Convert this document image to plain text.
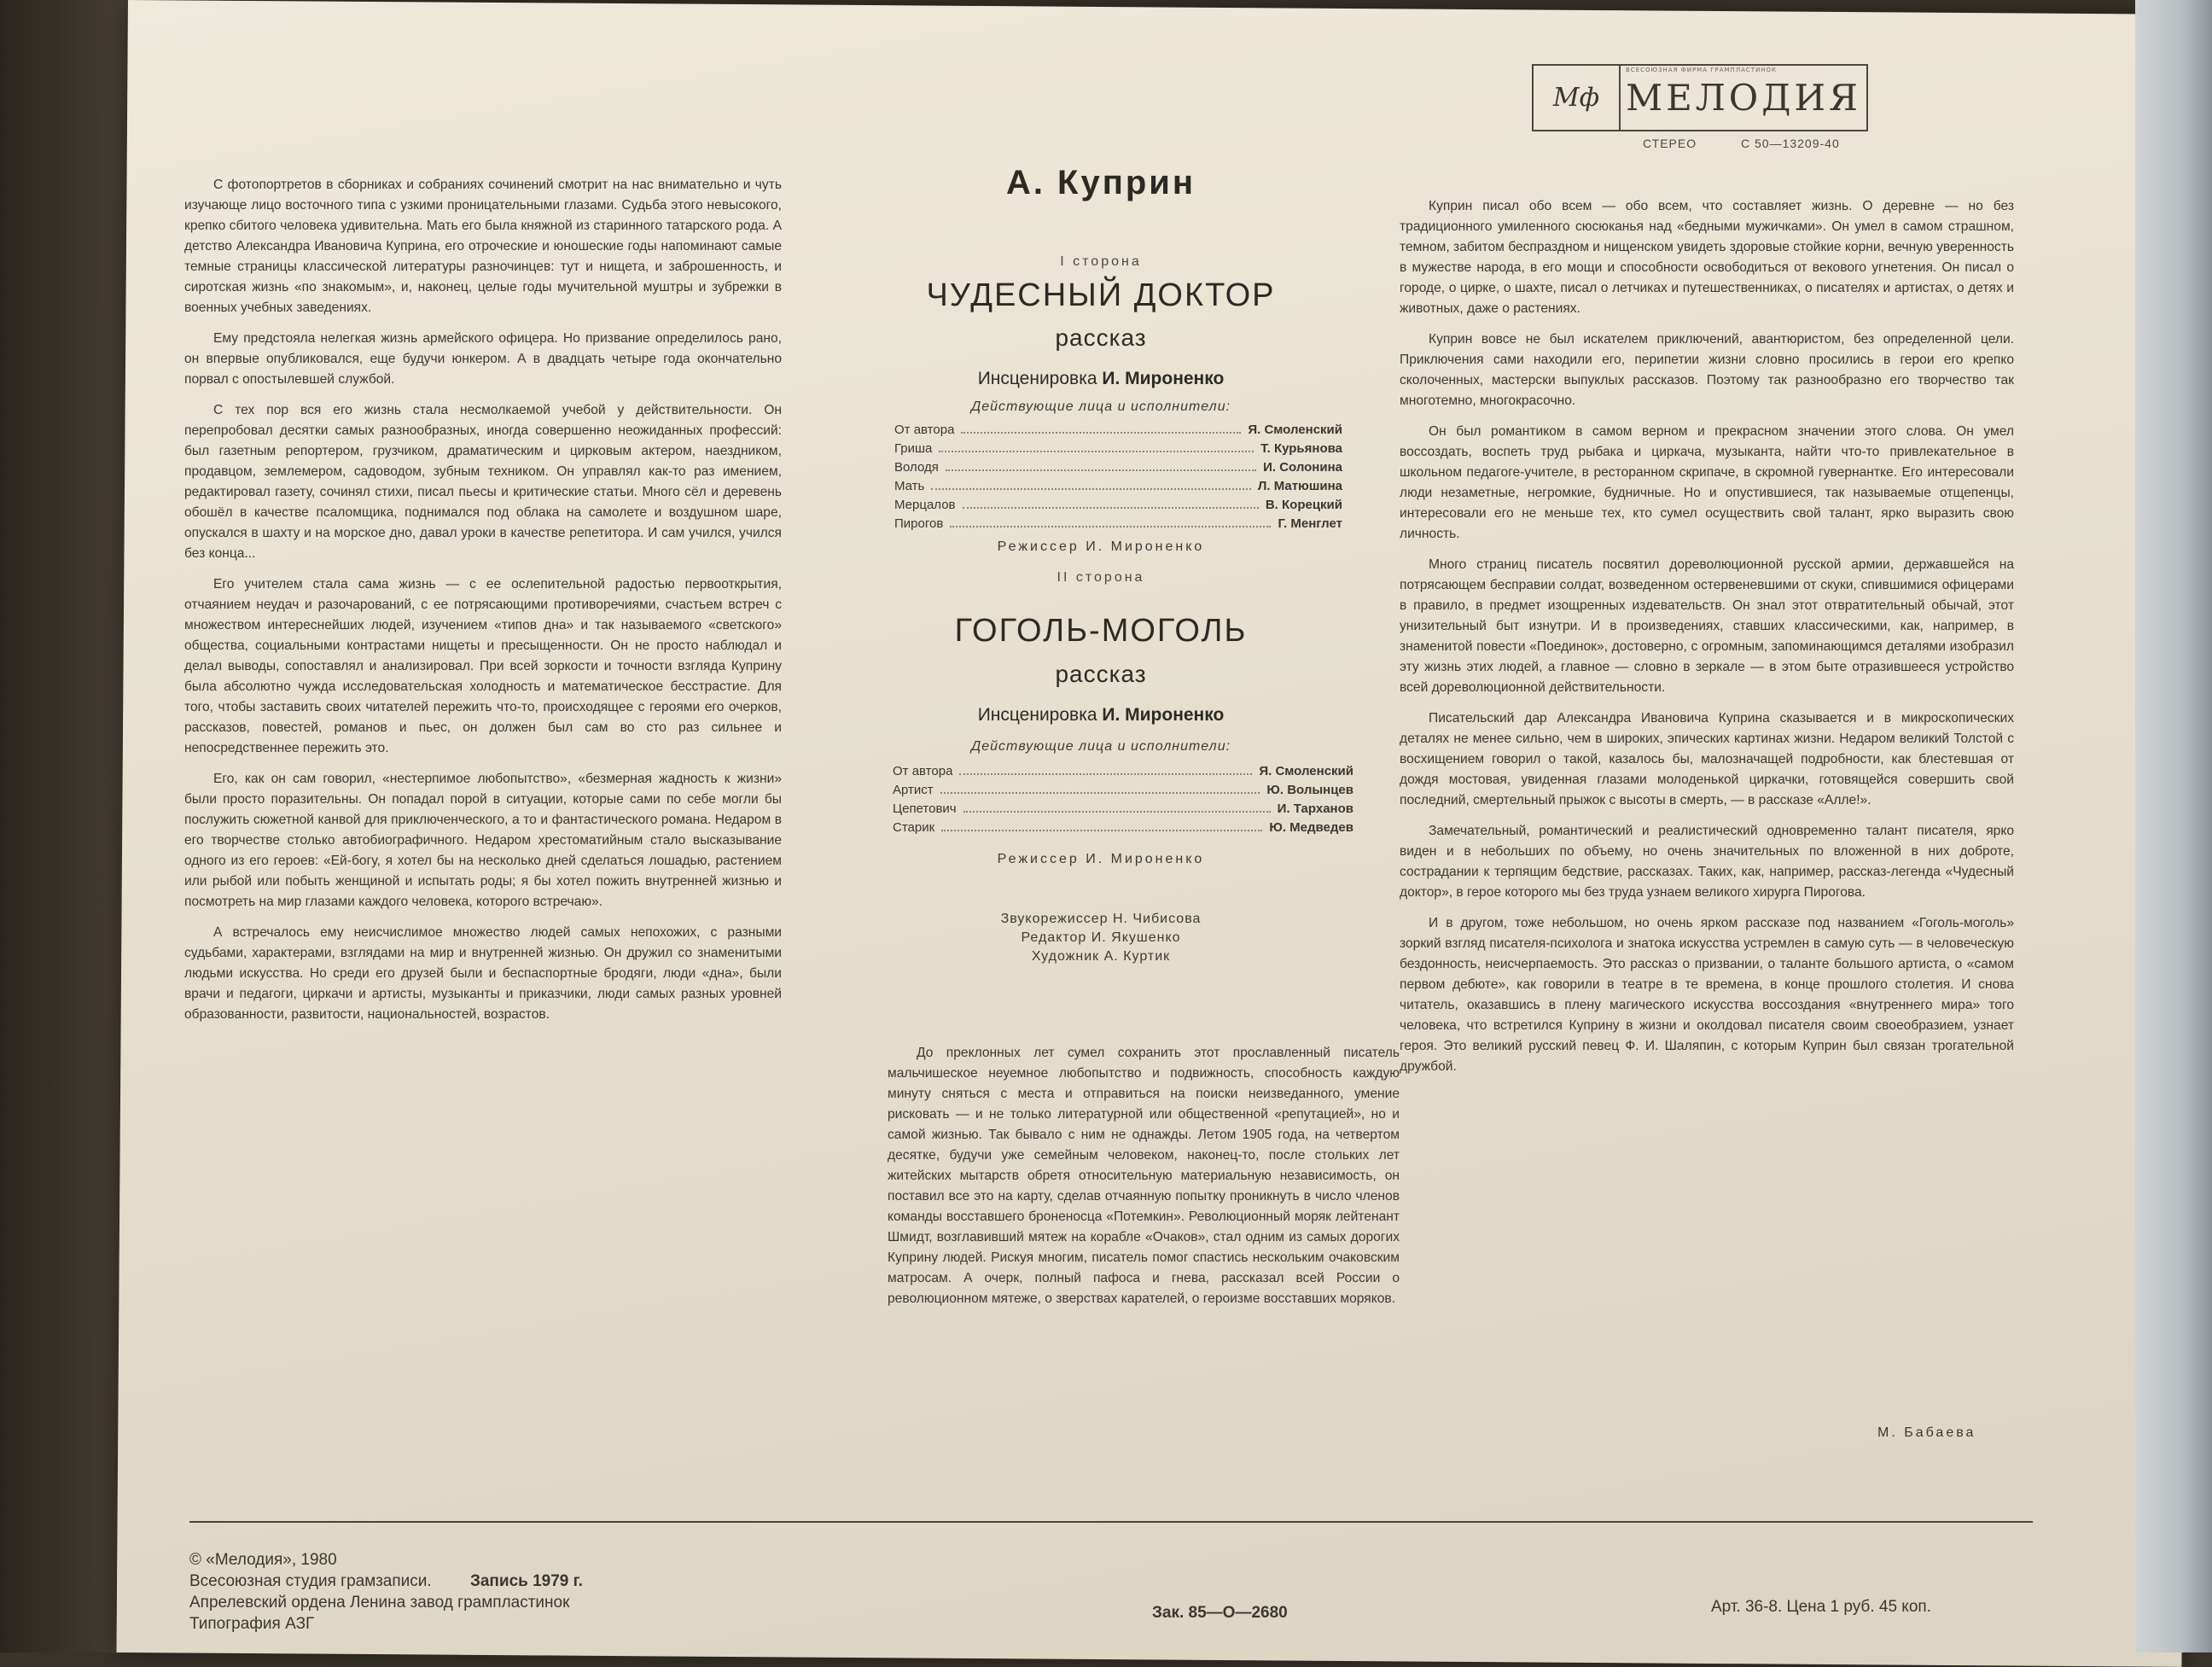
Мф МЕЛОДИЯ
ВСЕСОЮЗНАЯ ФИРМА ГРАМПЛАСТИНОК
СТЕРЕО	С 50—13209-40
А. Куприн
I сторона
ЧУДЕСНЫЙ ДОКТОР
рассказ
Инсценировка И. Мироненко
Действующие лица и исполнители:
От автора	Я. Смоленский
Гриша	Т. Курьянова
Володя	И. Солонина
Мать	Л. Матюшина
Мерцалов	В. Корецкий
Пирогов	Г. Менглет
Режиссер И. Мироненко
II сторона
ГОГОЛЬ-МОГОЛЬ
рассказ
Инсценировка И. Мироненко
Действующие лица и исполнители:
От автора	Я. Смоленский
Артист	Ю. Волынцев
Цепетович	И. Тарханов
Старик	Ю. Медведев
Режиссер И. Мироненко
Звукорежиссер Н. Чибисова
Редактор И. Якушенко
Художник А. Куртик

С фотопортретов в сборниках и собраниях сочинений смотрит на нас внимательно и чуть изучающе лицо восточного типа с узкими проницательными глазами. Судьба этого невысокого, крепко сбитого человека удивительна. Мать его была княжной из старинного татарского рода. А детство Александра Ивановича Куприна, его отроческие и юношеские годы напоминают самые темные страницы классической литературы разночинцев: тут и нищета, и заброшенность, и сиротская жизнь «по знакомым», и, наконец, целые годы мучительной муштры и зубрежки в военных учебных заведениях.

Ему предстояла нелегкая жизнь армейского офицера. Но призвание определилось рано, он впервые опубликовался, еще будучи юнкером. А в двадцать четыре года окончательно порвал с опостылевшей службой.

С тех пор вся его жизнь стала несмолкаемой учебой у действительности. Он перепробовал десятки самых разнообразных, иногда совершенно неожиданных профессий: был газетным репортером, грузчиком, драматическим и цирковым актером, наездником, продавцом, землемером, садоводом, зубным техником. Он управлял как-то раз имением, редактировал газету, сочинял стихи, писал пьесы и критические статьи. Много сёл и деревень обошёл в качестве псаломщика, поднимался под облака на самолете и воздушном шаре, опускался в шахту и на морское дно, давал уроки в качестве репетитора. И сам учился, учился без конца...

Его учителем стала сама жизнь — с ее ослепительной радостью первооткрытия, отчаянием неудач и разочарований, с ее потрясающими противоречиями, счастьем встреч с множеством интереснейших людей, изучением «типов дна» и так называемого «светского» общества, социальными контрастами нищеты и пресыщенности. Он не просто наблюдал и делал выводы, сопоставлял и анализировал. При всей зоркости и точности взгляда Куприну была абсолютно чужда исследовательская холодность и математическое бесстрастие. Для того, чтобы заставить своих читателей пережить что-то, происходящее с героями его очерков, рассказов, повестей, романов и пьес, он должен был сам во сто раз сильнее и непосредственнее пережить это.

Его, как он сам говорил, «нестерпимое любопытство», «безмерная жадность к жизни» были просто поразительны. Он попадал порой в ситуации, которые сами по себе могли бы послужить сюжетной канвой для приключенческого, а то и фантастического романа. Недаром в его творчестве столько автобиографичного. Недаром хрестоматийным стало высказывание одного из его героев: «Ей-богу, я хотел бы на несколько дней сделаться лошадью, растением или рыбой или побыть женщиной и испытать роды; я бы хотел пожить внутренней жизнью и посмотреть на мир глазами каждого человека, которого встречаю».

А встречалось ему неисчислимое множество людей самых непохожих, с разными судьбами, характерами, взглядами на мир и внутренней жизнью. Он дружил со знаменитыми людьми искусства. Но среди его друзей были и беспаспортные бродяги, люди «дна», были врачи и педагоги, циркачи и артисты, музыканты и приказчики, люди самых разных уровней образованности, развитости, национальностей, возрастов.

До преклонных лет сумел сохранить этот прославленный писатель мальчишеское неуемное любопытство и подвижность, способность каждую минуту сняться с места и отправиться на поиски неизведанного, умение рисковать — и не только литературной или общественной «репутацией», но и самой жизнью. Так бывало с ним не однажды. Летом 1905 года, на четвертом десятке, будучи уже семейным человеком, наконец-то, после стольких лет житейских мытарств обретя относительную материальную независимость, он поставил все это на карту, сделав отчаянную попытку проникнуть в число членов команды восставшего броненосца «Потемкин». Революционный моряк лейтенант Шмидт, возглавивший мятеж на корабле «Очаков», стал одним из самых дорогих Куприну людей. Рискуя многим, писатель помог спастись нескольким очаковским матросам. А очерк, полный пафоса и гнева, рассказал всей России о революционном мятеже, о зверствах карателей, о героизме восставших моряков.

Куприн писал обо всем — обо всем, что составляет жизнь. О деревне — но без традиционного умиленного сюсюканья над «бедными мужичками». Он умел в самом страшном, темном, забитом беспраздном и нищенском увидеть здоровые стойкие корни, вечную уверенность в мужестве народа, в его мощи и способности освободиться от векового угнетения. Он писал о городе, о цирке, о шахте, писал о летчиках и путешественниках, о писателях и артистах, о детях и животных, даже о растениях.

Куприн вовсе не был искателем приключений, авантюристом, без определенной цели. Приключения сами находили его, перипетии жизни словно просились в герои его крепко сколоченных, мастерски выпуклых рассказов. Поэтому так разнообразно его творчество так многотемно, многокрасочно.

Он был романтиком в самом верном и прекрасном значении этого слова. Он умел воссоздать, воспеть труд рыбака и циркача, музыканта, найти что-то привлекательное в школьном педагоге-учителе, в ресторанном скрипаче, в скромной гувернантке. Его интересовали люди незаметные, негромкие, будничные. Но и опустившиеся, так называемые отщепенцы, интересовали его не меньше тех, кто сумел осуществить свой талант, ярко выразить свою личность.

Много страниц писатель посвятил дореволюционной русской армии, державшейся на потрясающем бесправии солдат, возведенном остервеневшими от скуки, спившимися офицерами в правило, в предмет изощренных издевательств. Он знал этот отвратительный обычай, этот унизительный быт изнутри. И в произведениях, ставших классическими, как, например, в знаменитой повести «Поединок», достоверно, с огромным, запоминающимся деталями изобразил эту жизнь этих людей, а главное — словно в зеркале — в этом быте отразившееся устройство всей дореволюционной действительности.

Писательский дар Александра Ивановича Куприна сказывается и в микроскопических деталях не менее сильно, чем в широких, эпических картинах жизни. Недаром великий Толстой с восхищением говорил о такой, казалось бы, малозначащей подробности, как блестевшая от дождя мостовая, увиденная глазами молоденькой циркачки, готовящейся совершить свой последний, смертельный прыжок с высоты в смерть, — в рассказе «Алле!».

Замечательный, романтический и реалистический одновременно талант писателя, ярко виден и в небольших по объему, но очень значительных по вложенной в них доброте, сострадании к терпящим бедствие, рассказах. Таких, как, например, рассказ-легенда «Чудесный доктор», в герое которого мы без труда узнаем великого хирурга Пирогова.

И в другом, тоже небольшом, но очень ярком рассказе под названием «Гоголь-моголь» зоркий взгляд писателя-психолога и знатока искусства устремлен в самую суть — в человеческую бездонность, неисчерпаемость. Это рассказ о призвании, о таланте большого артиста, о «самом первом дебюте», как говорили в театре в те времена, в конце прошлого столетия. И снова читатель, оказавшись в плену магического искусства воссоздания «внутреннего мира» того человека, что встретился Куприну в жизни и околдовал писателя своим своеобразием, узнает героя. Это великий русский певец Ф. И. Шаляпин, с которым Куприн был связан трогательной дружбой.

М. Бабаева
© «Мелодия», 1980
Всесоюзная студия грамзаписи. Запись 1979 г.
Апрелевский ордена Ленина завод грампластинок
Типография АЗГ
Зак. 85—О—2680	Арт. 36-8. Цена 1 руб. 45 коп.
